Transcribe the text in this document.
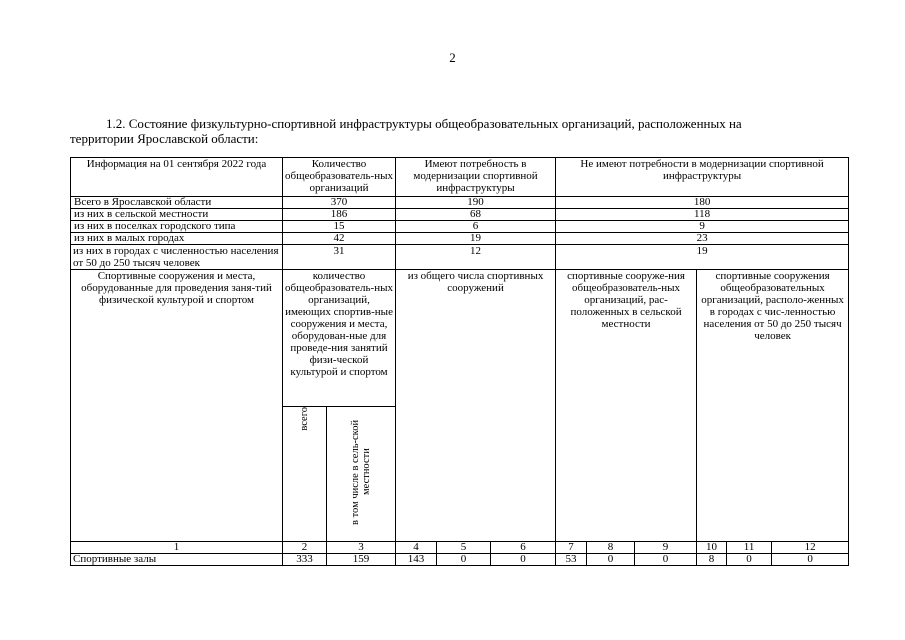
2
1.2. Состояние физкультурно-спортивной инфраструктуры общеобразовательных организаций, расположенных на
территории Ярославской области:
Информация на 01 сентября 2022 года	Количество общеобразователь-ных организаций		Имеют потребность в модернизации спортивной инфраструктуры			Не имеют потребности в модернизации спортивной инфраструктуры						
Всего в Ярославской области	370		190			180						
из них в сельской местности	186		68			118						
из них в поселках городского типа	15		6			9						
из них в малых городах	42		19			23						
из них в городах с численностью населения от 50 до 250 тысяч человек	31		12			19						
Спортивные сооружения и места, оборудованные для проведения заня-тий физической культурой и спортом	количество общеобразователь-ных организаций, имеющих спортив-ные сооружения и места, оборудован-ные для проведе-ния занятий физи-ческой культурой и спортом		из общего числа спортивных сооружений			спортивные сооруже-ния общеобразователь-ных организаций, рас-положенных в сельской местности			спортивные сооружения общеобразовательных организаций, располо-женных в городах с чис-ленностью населения от 50 до 250 тысяч человек			

	всего	в том числе в сель-ской местности

1	2	3	4	5	6	7	8	9	10	11	12	
Спортивные залы	333	159	143	0	0	53	0	0	8	0	0	
